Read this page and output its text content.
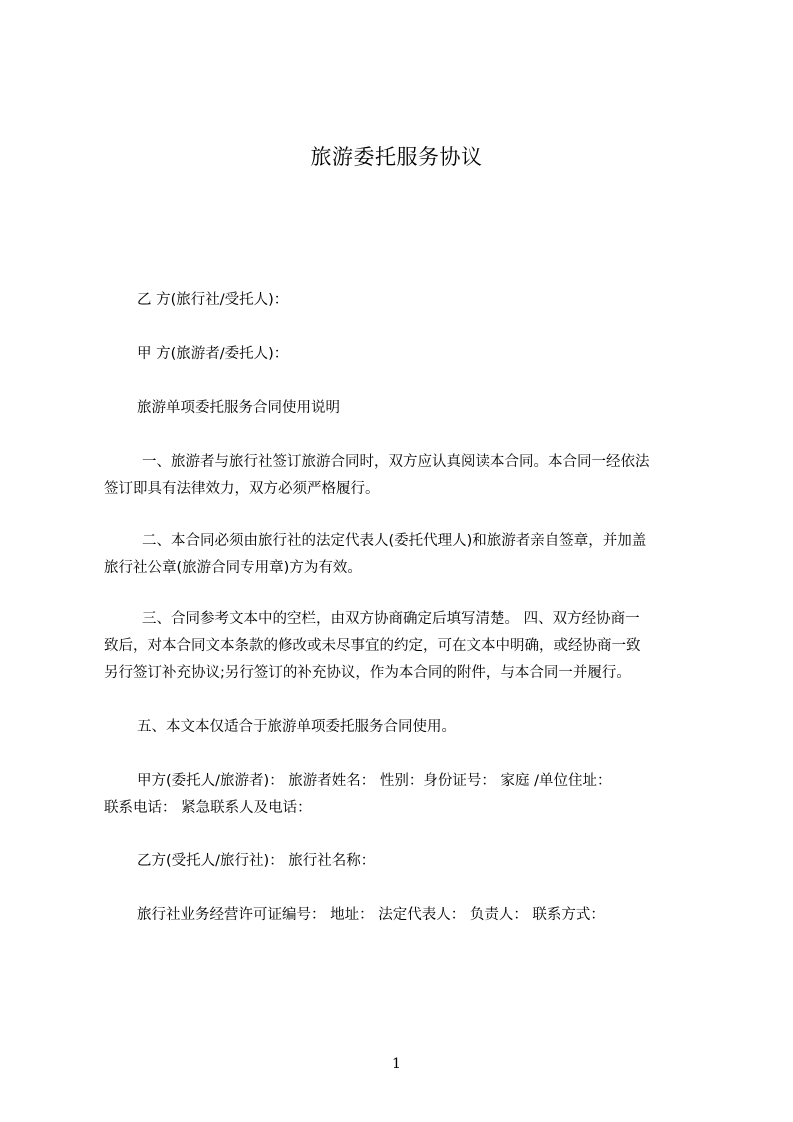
旅游委托服务协议
乙 方(旅行社/受托人)：
甲 方(旅游者/委托人)：
旅游单项委托服务合同使用说明
一、旅游者与旅行社签订旅游合同时，双方应认真阅读本合同。本合同一经依法
签订即具有法律效力，双方必须严格履行。
二、本合同必须由旅行社的法定代表人(委托代理人)和旅游者亲自签章，并加盖
旅行社公章(旅游合同专用章)方为有效。
三、合同参考文本中的空栏，由双方协商确定后填写清楚。 四、双方经协商一
致后，对本合同文本条款的修改或未尽事宜的约定，可在文本中明确，或经协商一致
另行签订补充协议;另行签订的补充协议，作为本合同的附件，与本合同一并履行。
五、本文本仅适合于旅游单项委托服务合同使用。
甲方(委托人/旅游者)： 旅游者姓名： 性别：身份证号： 家庭 /单位住址：
联系电话： 紧急联系人及电话：
乙方(受托人/旅行社)： 旅行社名称：
旅行社业务经营许可证编号： 地址： 法定代表人： 负责人： 联系方式：
1
